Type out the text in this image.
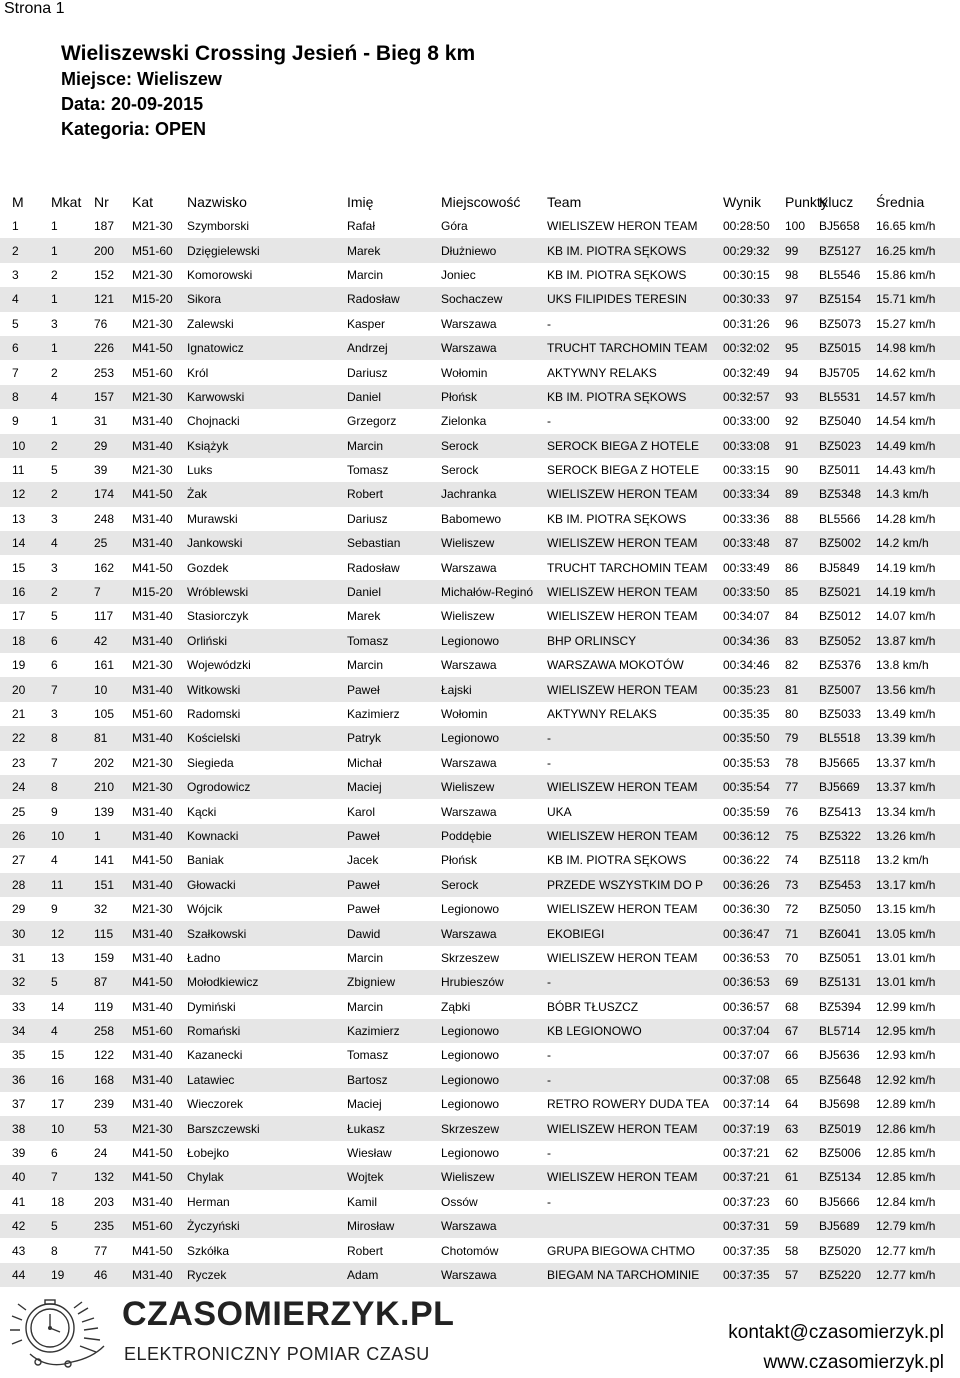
Strona 1

Wieliszewski Crossing Jesień - Bieg 8 km

Miejsce: Wieliszew

Data: 20-09-2015

Kategoria: OPEN

M	Mkat	Nr	Kat	Nazwisko	Imię	Miejscowość	Team	Wynik	Punkty	Klucz	Średnia
1	1	187	M21-30	Szymborski	Rafał	Góra	WIELISZEW HERON TEAM	00:28:50	100	BJ5658	16.65 km/h
2	1	200	M51-60	Dzięgielewski	Marek	Dłużniewo	KB IM. PIOTRA SĘKOWS	00:29:32	99	BZ5127	16.25 km/h
3	2	152	M21-30	Komorowski	Marcin	Joniec	KB IM. PIOTRA SĘKOWS	00:30:15	98	BL5546	15.86 km/h
4	1	121	M15-20	Sikora	Radosław	Sochaczew	UKS FILIPIDES TERESIN	00:30:33	97	BZ5154	15.71 km/h
5	3	76	M21-30	Zalewski	Kasper	Warszawa	-	00:31:26	96	BZ5073	15.27 km/h
6	1	226	M41-50	Ignatowicz	Andrzej	Warszawa	TRUCHT TARCHOMIN TEAM	00:32:02	95	BZ5015	14.98 km/h
7	2	253	M51-60	Król	Dariusz	Wołomin	AKTYWNY RELAKS	00:32:49	94	BJ5705	14.62 km/h
8	4	157	M21-30	Karwowski	Daniel	Płońsk	KB IM. PIOTRA SĘKOWS	00:32:57	93	BL5531	14.57 km/h
9	1	31	M31-40	Chojnacki	Grzegorz	Zielonka	-	00:33:00	92	BZ5040	14.54 km/h
10	2	29	M31-40	Książyk	Marcin	Serock	SEROCK BIEGA Z HOTELE	00:33:08	91	BZ5023	14.49 km/h
11	5	39	M21-30	Luks	Tomasz	Serock	SEROCK BIEGA Z HOTELE	00:33:15	90	BZ5011	14.43 km/h
12	2	174	M41-50	Żak	Robert	Jachranka	WIELISZEW HERON TEAM	00:33:34	89	BZ5348	14.3 km/h
13	3	248	M31-40	Murawski	Dariusz	Babomewo	KB IM. PIOTRA SĘKOWS	00:33:36	88	BL5566	14.28 km/h
14	4	25	M31-40	Jankowski	Sebastian	Wieliszew	WIELISZEW HERON TEAM	00:33:48	87	BZ5002	14.2 km/h
15	3	162	M41-50	Gozdek	Radosław	Warszawa	TRUCHT TARCHOMIN TEAM	00:33:49	86	BJ5849	14.19 km/h
16	2	7	M15-20	Wróblewski	Daniel	Michałów-Reginó	WIELISZEW HERON TEAM	00:33:50	85	BZ5021	14.19 km/h
17	5	117	M31-40	Stasiorczyk	Marek	Wieliszew	WIELISZEW HERON TEAM	00:34:07	84	BZ5012	14.07 km/h
18	6	42	M31-40	Orliński	Tomasz	Legionowo	BHP ORLINSCY	00:34:36	83	BZ5052	13.87 km/h
19	6	161	M21-30	Wojewódzki	Marcin	Warszawa	WARSZAWA MOKOTÓW	00:34:46	82	BZ5376	13.8 km/h
20	7	10	M31-40	Witkowski	Paweł	Łajski	WIELISZEW HERON TEAM	00:35:23	81	BZ5007	13.56 km/h
21	3	105	M51-60	Radomski	Kazimierz	Wołomin	AKTYWNY RELAKS	00:35:35	80	BZ5033	13.49 km/h
22	8	81	M31-40	Kościelski	Patryk	Legionowo	-	00:35:50	79	BL5518	13.39 km/h
23	7	202	M21-30	Siegieda	Michał	Warszawa	-	00:35:53	78	BJ5665	13.37 km/h
24	8	210	M21-30	Ogrodowicz	Maciej	Wieliszew	WIELISZEW HERON TEAM	00:35:54	77	BJ5669	13.37 km/h
25	9	139	M31-40	Kącki	Karol	Warszawa	UKA	00:35:59	76	BZ5413	13.34 km/h
26	10	1	M31-40	Kownacki	Paweł	Poddębie	WIELISZEW HERON TEAM	00:36:12	75	BZ5322	13.26 km/h
27	4	141	M41-50	Baniak	Jacek	Płońsk	KB IM. PIOTRA SĘKOWS	00:36:22	74	BZ5118	13.2 km/h
28	11	151	M31-40	Głowacki	Paweł	Serock	PRZEDE WSZYSTKIM DO P	00:36:26	73	BZ5453	13.17 km/h
29	9	32	M21-30	Wójcik	Paweł	Legionowo	WIELISZEW HERON TEAM	00:36:30	72	BZ5050	13.15 km/h
30	12	115	M31-40	Szałkowski	Dawid	Warszawa	EKOBIEGI	00:36:47	71	BZ6041	13.05 km/h
31	13	159	M31-40	Ładno	Marcin	Skrzeszew	WIELISZEW HERON TEAM	00:36:53	70	BZ5051	13.01 km/h
32	5	87	M41-50	Mołodkiewicz	Zbigniew	Hrubieszów	-	00:36:53	69	BZ5131	13.01 km/h
33	14	119	M31-40	Dymiński	Marcin	Ząbki	BÓBR TŁUSZCZ	00:36:57	68	BZ5394	12.99 km/h
34	4	258	M51-60	Romański	Kazimierz	Legionowo	KB LEGIONOWO	00:37:04	67	BL5714	12.95 km/h
35	15	122	M31-40	Kazanecki	Tomasz	Legionowo	-	00:37:07	66	BJ5636	12.93 km/h
36	16	168	M31-40	Latawiec	Bartosz	Legionowo	-	00:37:08	65	BZ5648	12.92 km/h
37	17	239	M31-40	Wieczorek	Maciej	Legionowo	RETRO ROWERY DUDA TEA	00:37:14	64	BJ5698	12.89 km/h
38	10	53	M21-30	Barszczewski	Łukasz	Skrzeszew	WIELISZEW HERON TEAM	00:37:19	63	BZ5019	12.86 km/h
39	6	24	M41-50	Łobejko	Wiesław	Legionowo	-	00:37:21	62	BZ5006	12.85 km/h
40	7	132	M41-50	Chylak	Wojtek	Wieliszew	WIELISZEW HERON TEAM	00:37:21	61	BZ5134	12.85 km/h
41	18	203	M31-40	Herman	Kamil	Ossów	-	00:37:23	60	BJ5666	12.84 km/h
42	5	235	M51-60	Życzyński	Mirosław	Warszawa		00:37:31	59	BJ5689	12.79 km/h
43	8	77	M41-50	Szkółka	Robert	Chotomów	GRUPA BIEGOWA CHTMO	00:37:35	58	BZ5020	12.77 km/h
44	19	46	M31-40	Ryczek	Adam	Warszawa	BIEGAM NA TARCHOMINIE	00:37:35	57	BZ5220	12.77 km/h
CZASOMIERZYK.PL
ELEKTRONICZNY POMIAR CZASU
kontakt@czasomierzyk.pl
www.czasomierzyk.pl
